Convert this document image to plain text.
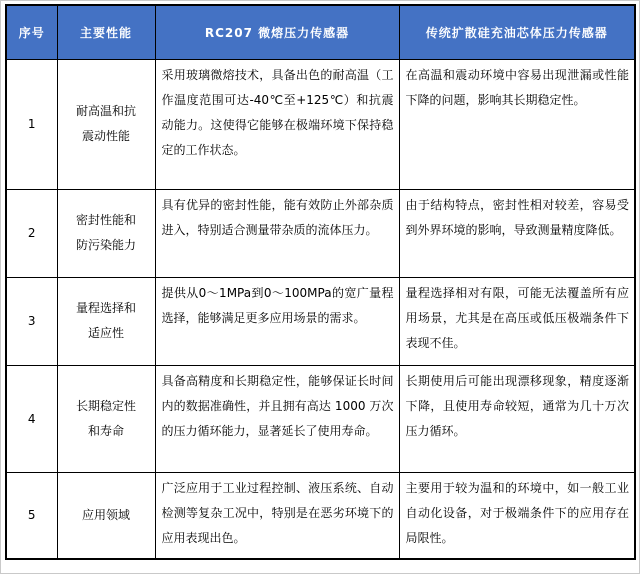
序号	主要性能	RC207 微熔压力传感器	传统扩散硅充油芯体压力传感器
1	耐高温和抗震动性能	采用玻璃微熔技术，具备出色的耐高温（工作温度范围可达-40℃至+125℃）和抗震动能力。这使得它能够在极端环境下保持稳定的工作状态。	在高温和震动环境中容易出现泄漏或性能下降的问题，影响其长期稳定性。
2	密封性能和防污染能力	具有优异的密封性能，能有效防止外部杂质进入，特别适合测量带杂质的流体压力。	由于结构特点，密封性相对较差，容易受到外界环境的影响，导致测量精度降低。
3	量程选择和适应性	提供从0～1MPa到0～100MPa的宽广量程选择，能够满足更多应用场景的需求。	量程选择相对有限，可能无法覆盖所有应用场景，尤其是在高压或低压极端条件下表现不佳。
4	长期稳定性和寿命	具备高精度和长期稳定性，能够保证长时间内的数据准确性，并且拥有高达 1000 万次的压力循环能力，显著延长了使用寿命。	长期使用后可能出现漂移现象，精度逐渐下降，且使用寿命较短，通常为几十万次压力循环。
5	应用领域	广泛应用于工业过程控制、液压系统、自动检测等复杂工况中，特别是在恶劣环境下的应用表现出色。	主要用于较为温和的环境中，如一般工业自动化设备，对于极端条件下的应用存在局限性。
